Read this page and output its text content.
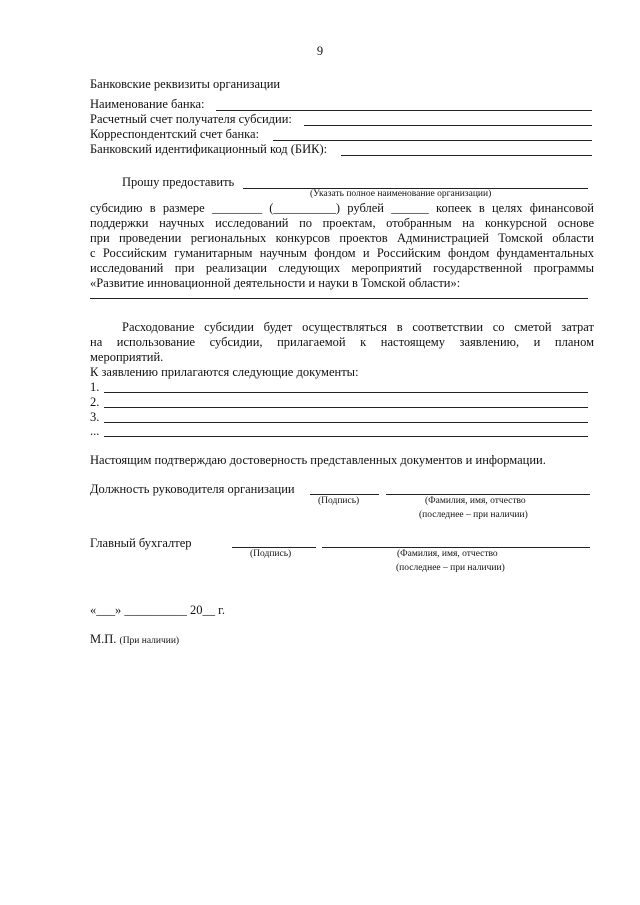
9
Банковские реквизиты организации
Наименование банка:
Расчетный счет получателя субсидии:
Корреспондентский счет банка:
Банковский идентификационный код (БИК):
Прошу предоставить
(Указать полное наименование организации)
субсидию в размере ________ (__________) рублей ______ копеек в целях финансовой
поддержки научных исследований по проектам, отобранным на конкурсной основе
при проведении региональных конкурсов проектов Администрацией Томской области
с Российским гуманитарным научным фондом и Российским фондом фундаментальных
исследований при реализации следующих мероприятий государственной программы
«Развитие инновационной деятельности и науки в Томской области»:
Расходование субсидии будет осуществляться в соответствии со сметой затрат
на использование субсидии, прилагаемой к настоящему заявлению, и планом
мероприятий.
К заявлению прилагаются следующие документы:
1.
2.
3.
...
Настоящим подтверждаю достоверность представленных документов и информации.
Должность руководителя организации
(Подпись)	(Фамилия, имя, отчество
(последнее – при наличии)
Главный бухгалтер
(Подпись)	(Фамилия, имя, отчество
(последнее – при наличии)
«___» __________ 20__ г.
М.П. (При наличии)
